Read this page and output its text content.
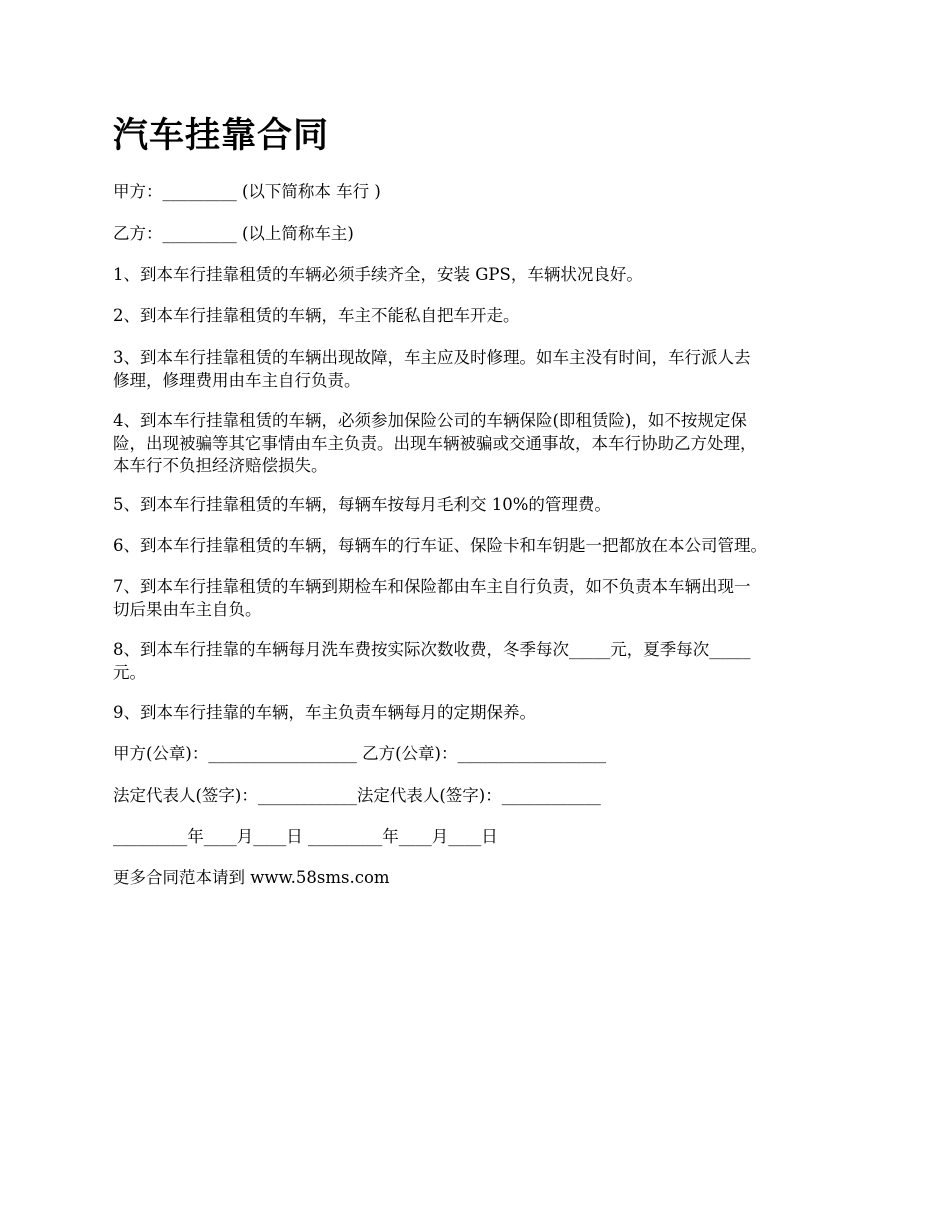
汽车挂靠合同

甲方：_________ (以下简称本 车行 )

乙方：_________ (以上简称车主)

1、到本车行挂靠租赁的车辆必须手续齐全，安装 GPS，车辆状况良好。

2、到本车行挂靠租赁的车辆，车主不能私自把车开走。

3、到本车行挂靠租赁的车辆出现故障，车主应及时修理。如车主没有时间，车行派人去

修理，修理费用由车主自行负责。

4、到本车行挂靠租赁的车辆，必须参加保险公司的车辆保险(即租赁险)，如不按规定保

险，出现被骗等其它事情由车主负责。出现车辆被骗或交通事故，本车行协助乙方处理，

本车行不负担经济赔偿损失。

5、到本车行挂靠租赁的车辆，每辆车按每月毛利交 10%的管理费。

6、到本车行挂靠租赁的车辆，每辆车的行车证、保险卡和车钥匙一把都放在本公司管理。

7、到本车行挂靠租赁的车辆到期检车和保险都由车主自行负责，如不负责本车辆出现一

切后果由车主自负。

8、到本车行挂靠的车辆每月洗车费按实际次数收费，冬季每次_____元，夏季每次_____

元。

9、到本车行挂靠的车辆，车主负责车辆每月的定期保养。

甲方(公章)：__________________ 乙方(公章)：__________________

法定代表人(签字)：____________法定代表人(签字)：____________

_________年____月____日 _________年____月____日

更多合同范本请到 www.58sms.com
